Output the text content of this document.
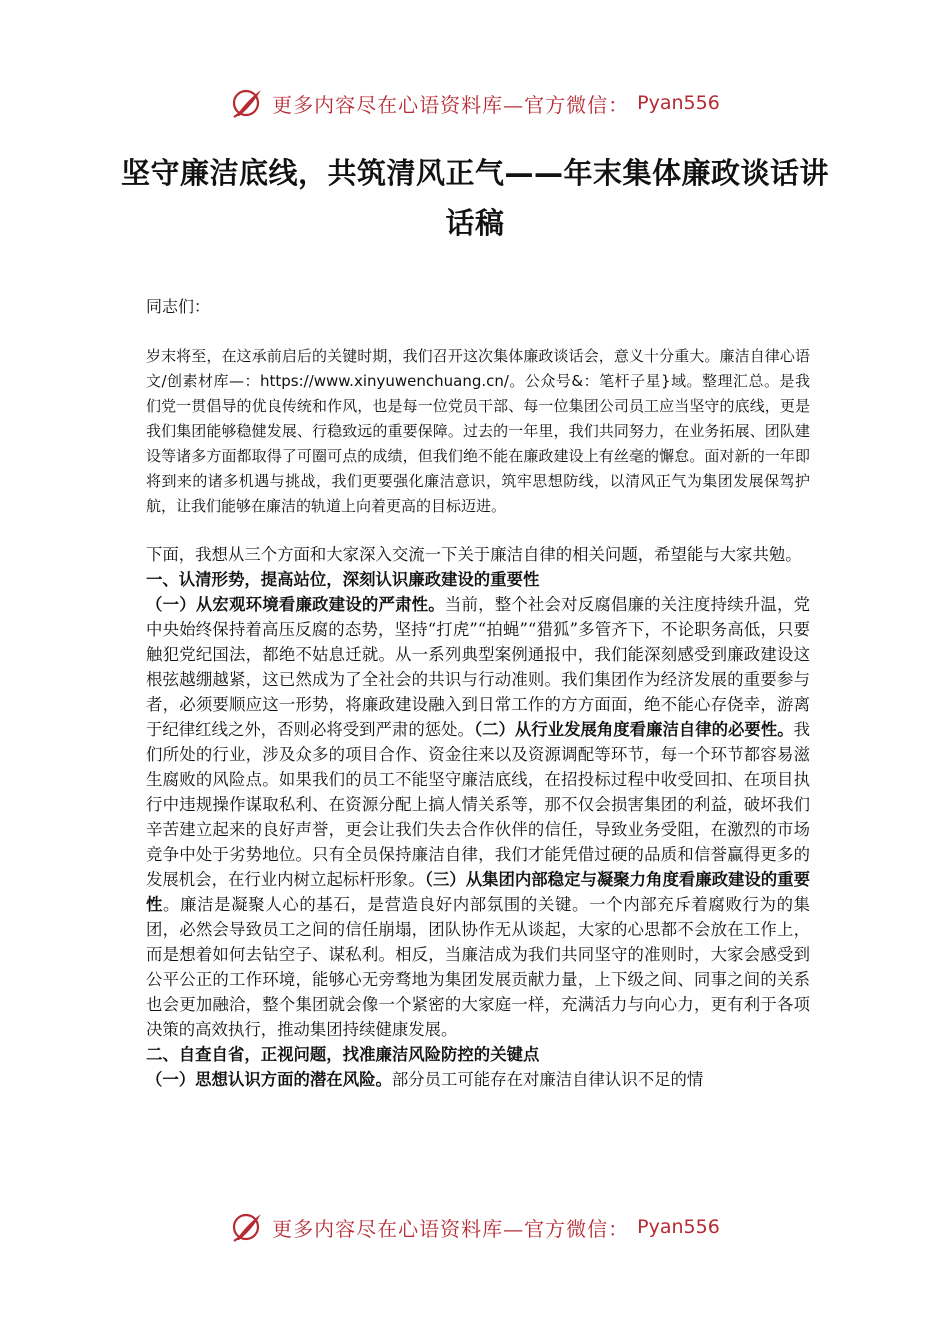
更多内容尽在心语资料库—官方微信： Pyan556
坚守廉洁底线，共筑清风正气——年末集体廉政谈话讲话稿
同志们：
岁末将至，在这承前启后的关键时期，我们召开这次集体廉政谈话会，意义十分重大。廉洁自律心语文/创素材库—：https://www.xinyuwenchuang.cn/。公众号&：笔杆子星}域。整理汇总。是我们党一贯倡导的优良传统和作风，也是每一位党员干部、每一位集团公司员工应当坚守的底线，更是我们集团能够稳健发展、行稳致远的重要保障。过去的一年里，我们共同努力，在业务拓展、团队建设等诸多方面都取得了可圈可点的成绩，但我们绝不能在廉政建设上有丝毫的懈怠。面对新的一年即将到来的诸多机遇与挑战，我们更要强化廉洁意识，筑牢思想防线，以清风正气为集团发展保驾护航，让我们能够在廉洁的轨道上向着更高的目标迈进。

下面，我想从三个方面和大家深入交流一下关于廉洁自律的相关问题，希望能与大家共勉。

一、认清形势，提高站位，深刻认识廉政建设的重要性

（一）从宏观环境看廉政建设的严肃性。当前，整个社会对反腐倡廉的关注度持续升温，党中央始终保持着高压反腐的态势，坚持“打虎”“拍蝇”“猎狐”多管齐下，不论职务高低，只要触犯党纪国法，都绝不姑息迁就。从一系列典型案例通报中，我们能深刻感受到廉政建设这根弦越绷越紧，这已然成为了全社会的共识与行动准则。我们集团作为经济发展的重要参与者，必须要顺应这一形势，将廉政建设融入到日常工作的方方面面，绝不能心存侥幸，游离于纪律红线之外，否则必将受到严肃的惩处。（二）从行业发展角度看廉洁自律的必要性。我们所处的行业，涉及众多的项目合作、资金往来以及资源调配等环节，每一个环节都容易滋生腐败的风险点。如果我们的员工不能坚守廉洁底线，在招投标过程中收受回扣、在项目执行中违规操作谋取私利、在资源分配上搞人情关系等，那不仅会损害集团的利益，破坏我们辛苦建立起来的良好声誉，更会让我们失去合作伙伴的信任，导致业务受阻，在激烈的市场竞争中处于劣势地位。只有全员保持廉洁自律，我们才能凭借过硬的品质和信誉赢得更多的发展机会，在行业内树立起标杆形象。（三）从集团内部稳定与凝聚力角度看廉政建设的重要性。廉洁是凝聚人心的基石，是营造良好内部氛围的关键。一个内部充斥着腐败行为的集团，必然会导致员工之间的信任崩塌，团队协作无从谈起，大家的心思都不会放在工作上，而是想着如何去钻空子、谋私利。相反，当廉洁成为我们共同坚守的准则时，大家会感受到公平公正的工作环境，能够心无旁骛地为集团发展贡献力量，上下级之间、同事之间的关系也会更加融洽，整个集团就会像一个紧密的大家庭一样，充满活力与向心力，更有利于各项决策的高效执行，推动集团持续健康发展。

二、自查自省，正视问题，找准廉洁风险防控的关键点

（一）思想认识方面的潜在风险。部分员工可能存在对廉洁自律认识不足的情

更多内容尽在心语资料库—官方微信： Pyan556
